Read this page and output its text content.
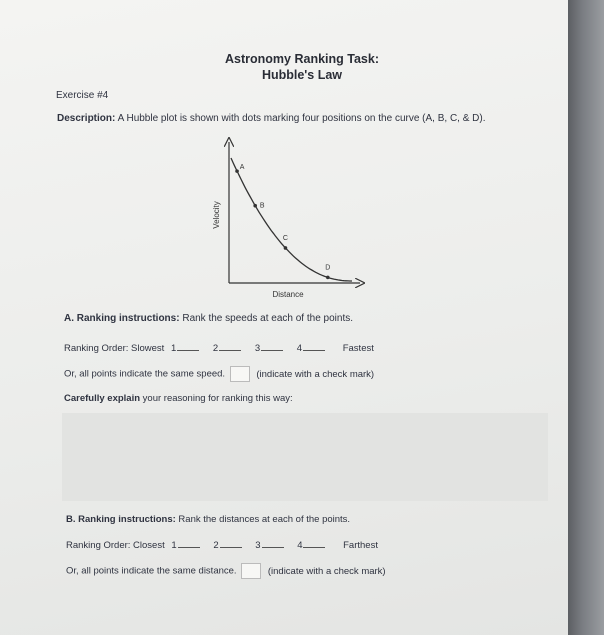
Astronomy Ranking Task:
Hubble's Law
Exercise #4
Description: A Hubble plot is shown with dots marking four positions on the curve (A, B, C, & D).
A
B
C
D
Distance
Velocity
A. Ranking instructions: Rank the speeds at each of the points.
Ranking Order: Slowest 1	2	3	4	Fastest
Or, all points indicate the same speed.	(indicate with a check mark)
Carefully explain your reasoning for ranking this way:
B. Ranking instructions: Rank the distances at each of the points.
Ranking Order: Closest 1	2	3	4	Farthest
Or, all points indicate the same distance.	(indicate with a check mark)
